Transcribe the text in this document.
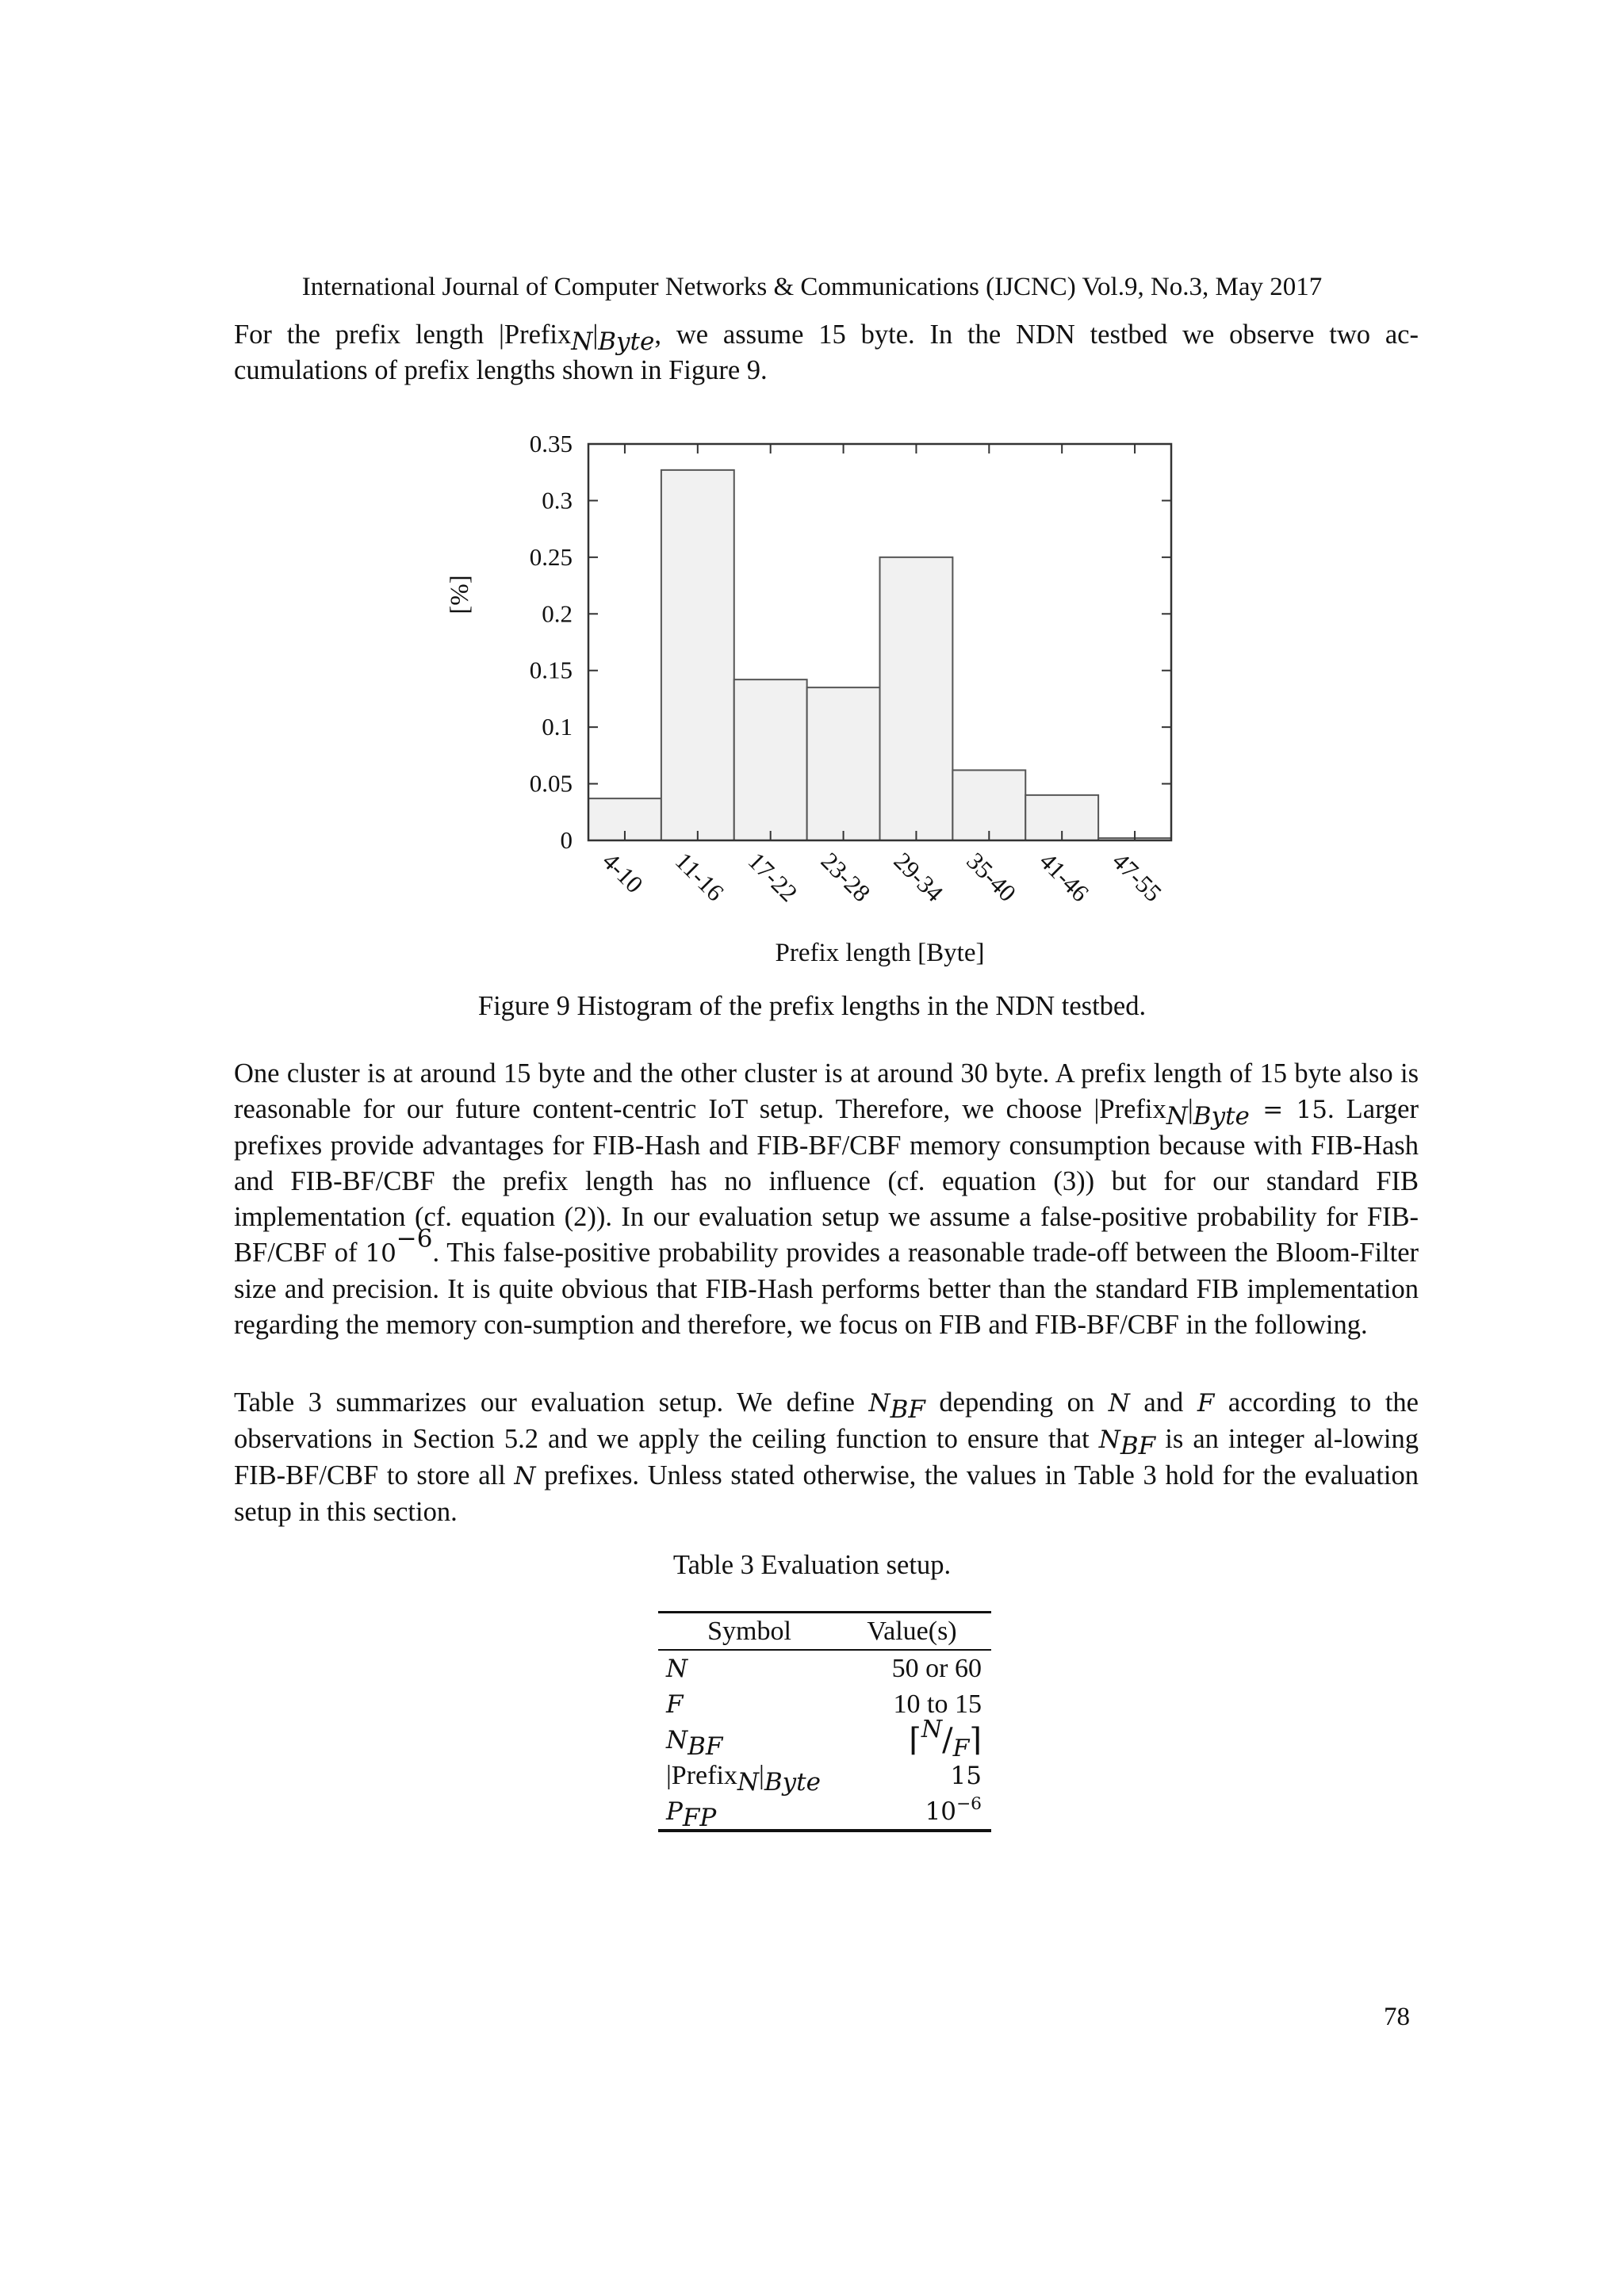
International Journal of Computer Networks & Communications (IJCNC) Vol.9, No.3, May 2017

For the prefix length $|Prefix_N|_{Byte}$, we assume 15 byte. In the NDN testbed we observe two ac-cumulations of prefix lengths shown in Figure 9.

0
0.05
0.1
0.15
0.2
0.25
0.3
0.35
4-10 11-16 17-22 23-28 29-34 35-40 41-46 47-55
Prefix length [Byte]
[%]
Figure 9 Histogram of the prefix lengths in the NDN testbed.

One cluster is at around 15 byte and the other cluster is at around 30 byte. A prefix length of 15 byte also is reasonable for our future content-centric IoT setup. Therefore, we choose $|Prefix_N|_{Byte} = 15$. Larger prefixes provide advantages for FIB-Hash and FIB-BF/CBF memory consumption because with FIB-Hash and FIB-BF/CBF the prefix length has no influence (cf. equation (3)) but for our standard FIB implementation (cf. equation (2)). In our evaluation setup we assume a false-positive probability for FIB-BF/CBF of $10^{-6}$. This false-positive probability provides a reasonable trade-off between the Bloom-Filter size and precision. It is quite obvious that FIB-Hash performs better than the standard FIB implementation regarding the memory con-sumption and therefore, we focus on FIB and FIB-BF/CBF in the following.

Table 3 summarizes our evaluation setup. We define $N_{BF}$ depending on N and F according to the observations in Section 5.2 and we apply the ceiling function to ensure that $N_{BF}$ is an integer al-lowing FIB-BF/CBF to store all N prefixes. Unless stated otherwise, the values in Table 3 hold for the evaluation setup in this section.

Table 3 Evaluation setup.
Symbol	Value(s)
N	50 or 60
F	10 to 15
$N_{BF}$	$⌈^N/_F⌉$
$|Prefix_N|_{Byte}$	15
$P_{FP}$	$10^{-6}$
78
